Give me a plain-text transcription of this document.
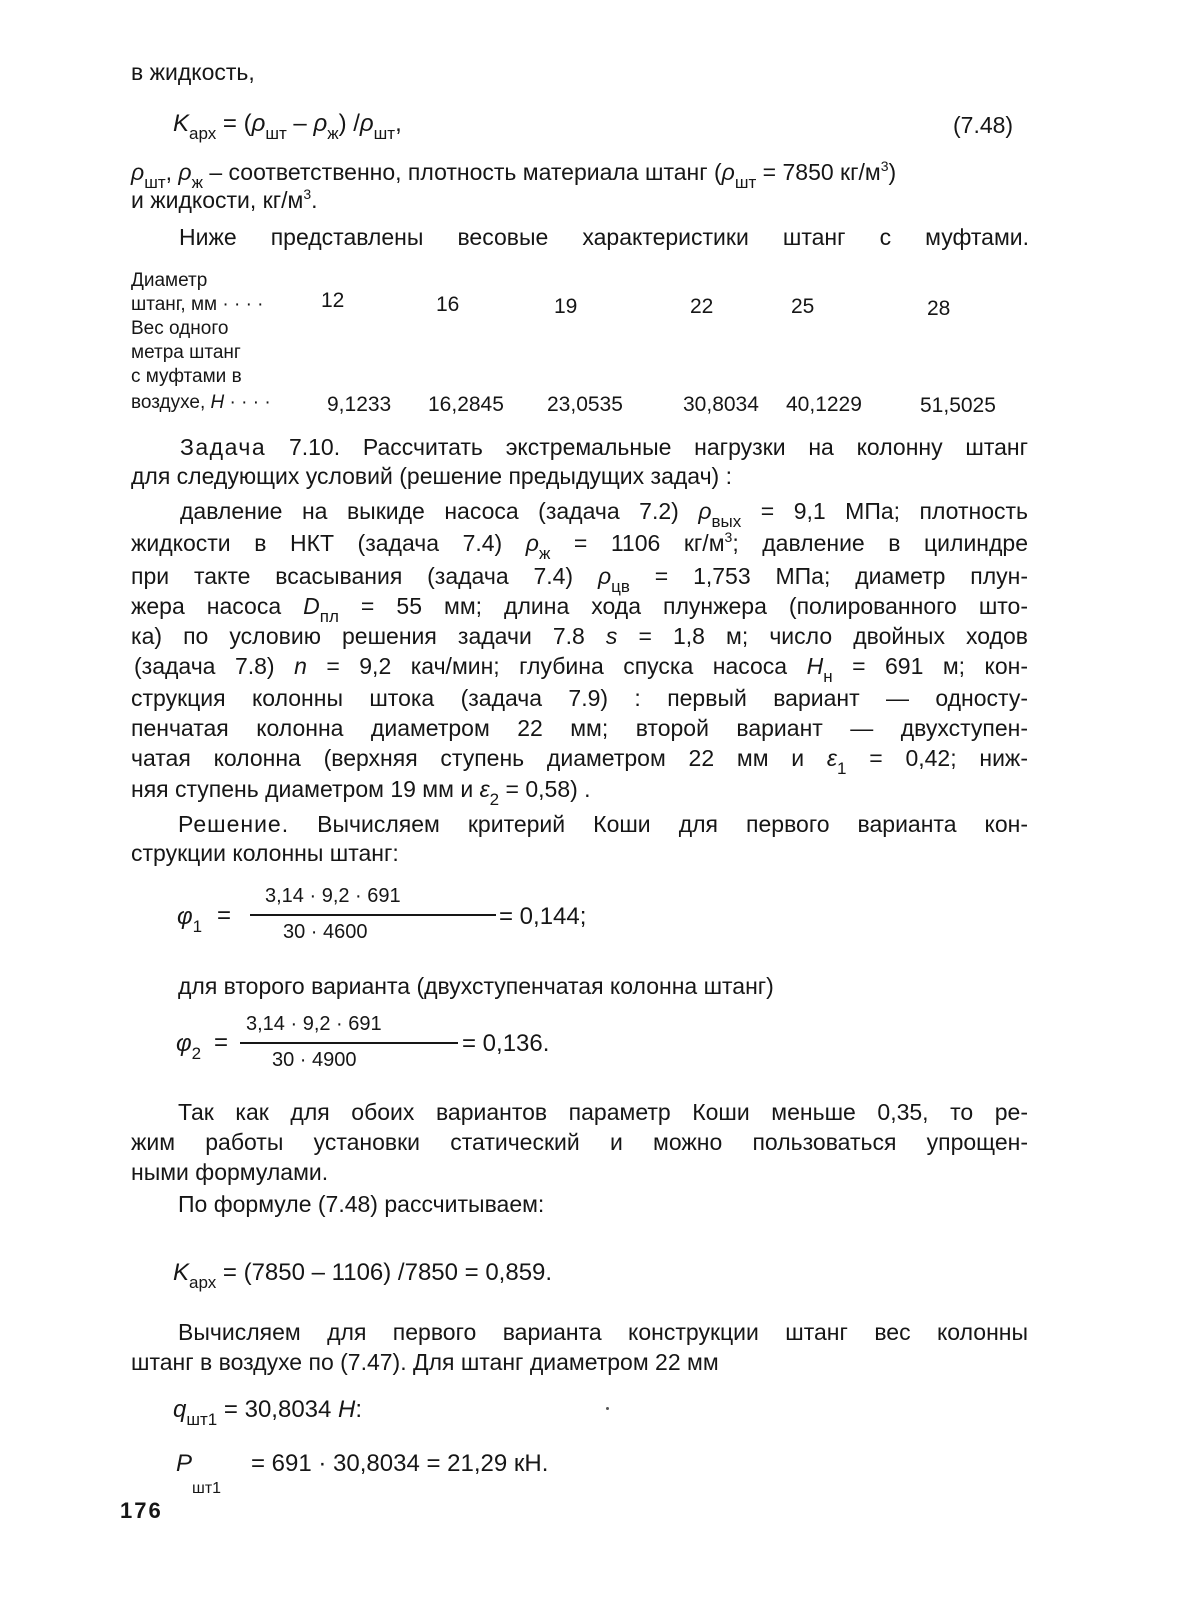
в жидкость,
$K_{арх} = (\rho_{шт} - \rho_ж)$ $/\rho_{шт}$,	(7.48)
$\rho_{шт}$, $\rho_ж$ – соответственно, плотность материала штанг ($\rho_{шт} = 7850$ $кг/м^3$)
и жидкости, $кг/м^3$.
Ниже представлены весовые характеристики штанг с муфтами.
Диаметр
штанг, мм · · · ·
Вес одного
метра штанг
с муфтами в
воздухе, Н · · · ·
12	16	19	22	25	28
9,1233 16,2845 23,0535	30,8034 40,1229	51,5025
Задача 7.10. Рассчитать экстремальные нагрузки на колонну штанг
для следующих условий (решение предыдущих задач) :
давление на выкиде насоса (задача 7.2) $\rho_{вых} = 9,1$ МПа; плотность
жидкости в НКТ (задача 7.4) $\rho_ж = 1106$ $кг/м^3$; давление в цилиндре
при такте всасывания (задача 7.4) $\rho_{цв} = 1,753$ МПа; диаметр плун-
жера насоса $D_{пл} = 55$ мм; длина хода плунжера (полированного што-
ка) по условию решения задачи 7.8 s = 1,8 м; число двойных ходов
(задача 7.8) n = 9,2 кач/мин; глубина спуска насоса $H_н = 691$ м; кон-
струкция колонны штока (задача 7.9) : первый вариант — односту-
пенчатая колонна диаметром 22 мм; второй вариант — двухступен-
чатая колонна (верхняя ступень диаметром 22 мм и $\varepsilon_1 = 0,42$; ниж-
няя ступень диаметром 19 мм и $\varepsilon_2 = 0,58$) .
Решение. Вычисляем критерий Коши для первого варианта кон-
струкции колонны штанг:
$\varphi_1$ =
3,14 · 9,2 · 691
30 · 4600
= 0,144;
для второго варианта (двухступенчатая колонна штанг)
$\varphi_2$ =
3,14 · 9,2 · 691
30 · 4900
= 0,136.
Так как для обоих вариантов параметр Коши меньше 0,35, то ре-
жим работы установки статический и можно пользоваться упрощен-
ными формулами.
По формуле (7.48) рассчитываем:
$K_{арх} = (7850 - 1106) /7850 = 0,859$.
Вычисляем для первого варианта конструкции штанг вес колонны
штанг в воздухе по (7.47). Для штанг диаметром 22 мм
$q_{шт1} = 30,8034$ Н:
P
шт1
= 691 · 30,8034 = 21,29 кН.
176
